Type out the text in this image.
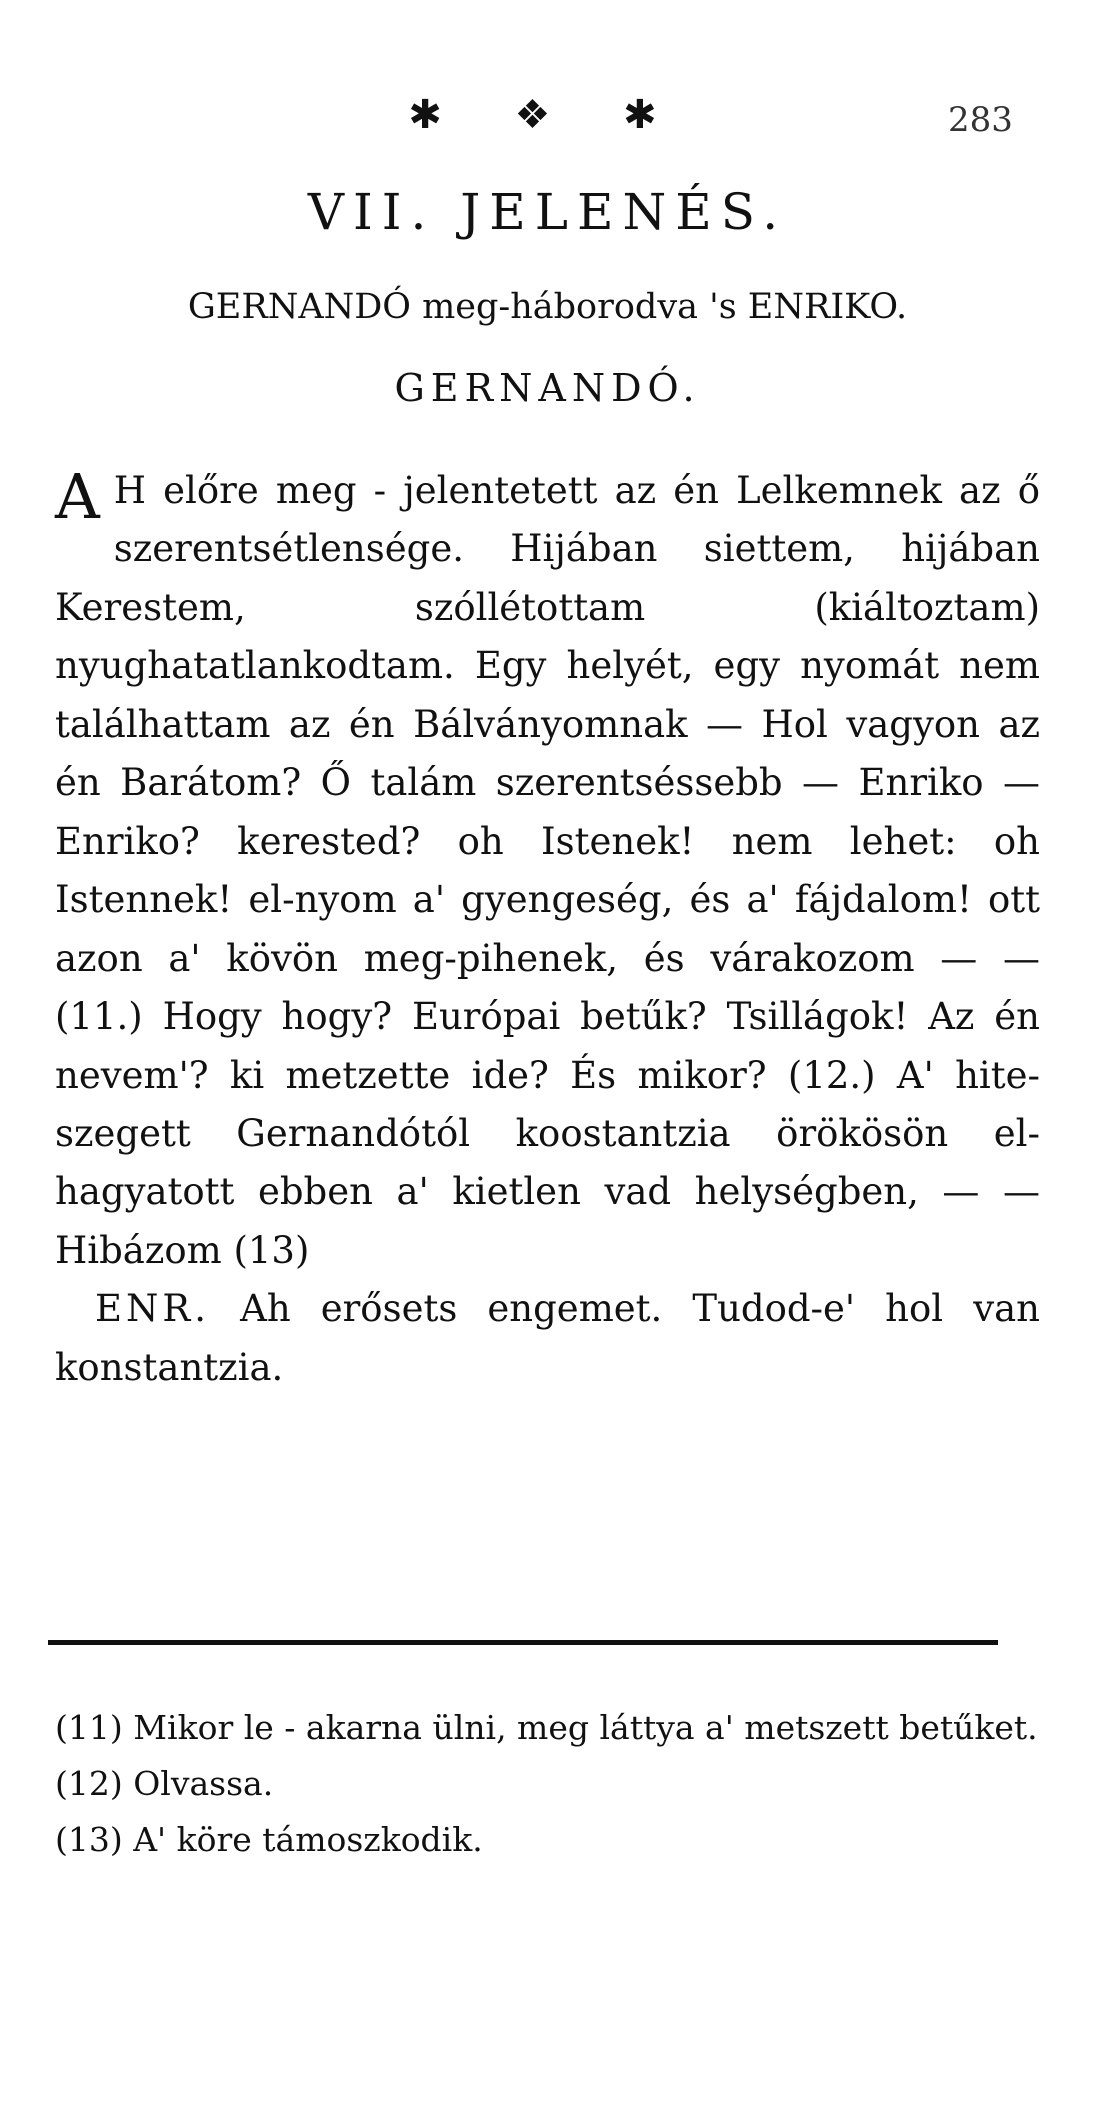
✱ ❖ ✱	283
VII. JELENÉS.
GERNANDÓ meg-háborodva 's ENRIKO.
GERNANDÓ.
A H előre meg - jelentetett az én Lelkemnek az ő szerentsétlensége. Hijában siettem, hijában Kerestem, szóllétottam (kiáltoztam) nyughatatlankodtam. Egy helyét, egy nyomát nem találhattam az én Bálványomnak — Hol vagyon az én Barátom? Ő talám szerentséssebb — Enriko — Enriko? kerested? oh Istenek! nem lehet: oh Istennek! el-nyom a' gyengeség, és a' fájdalom! ott azon a' kövön meg-pihenek, és várakozom — — (11.) Hogy hogy? Európai betűk? Tsillágok! Az én nevem'? ki metzette ide? És mikor? (12.) A' hite-szegett Gernandótól koostantzia örökösön el-hagyatott ebben a' kietlen vad helységben, — — Hibázom (13)
ENR. Ah erősets engemet. Tudod-e' hol van konstantzia.
(11) Mikor le - akarna ülni, meg láttya a' metszett betűket.
(12) Olvassa.
(13) A' köre támoszkodik.
